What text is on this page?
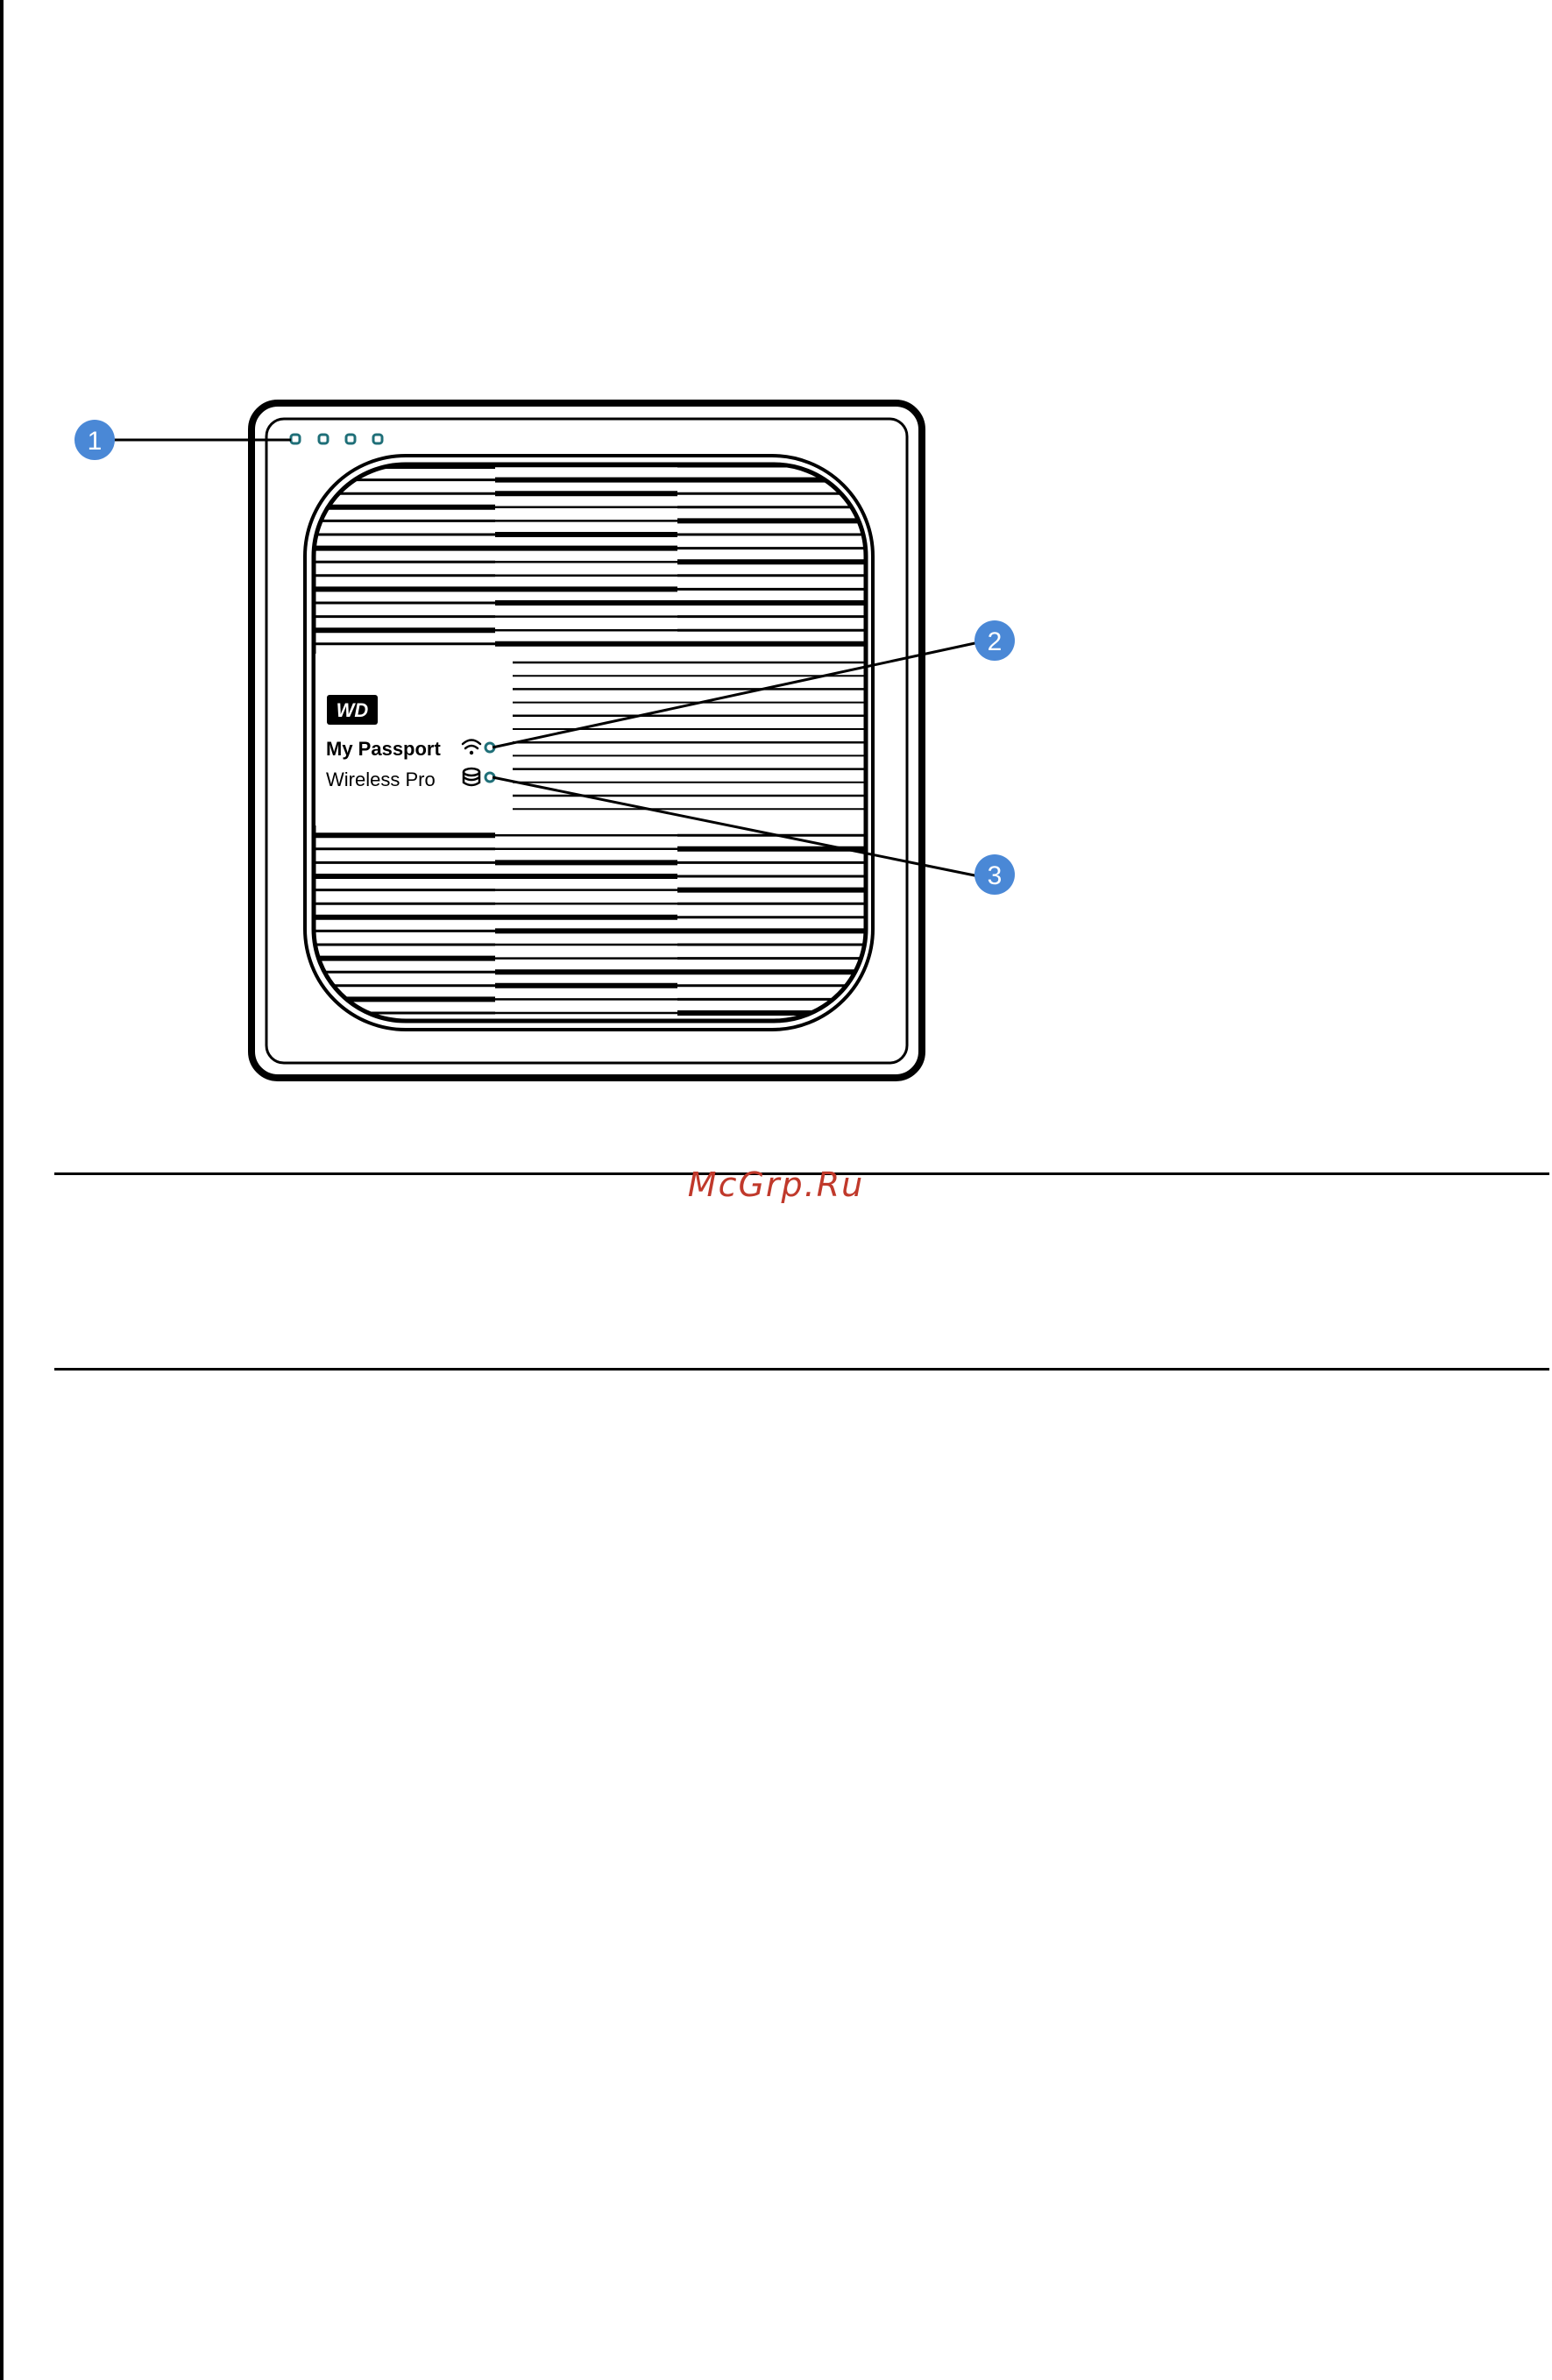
WD
My Passport
Wireless Pro
1
2
3
McGrp.Ru
